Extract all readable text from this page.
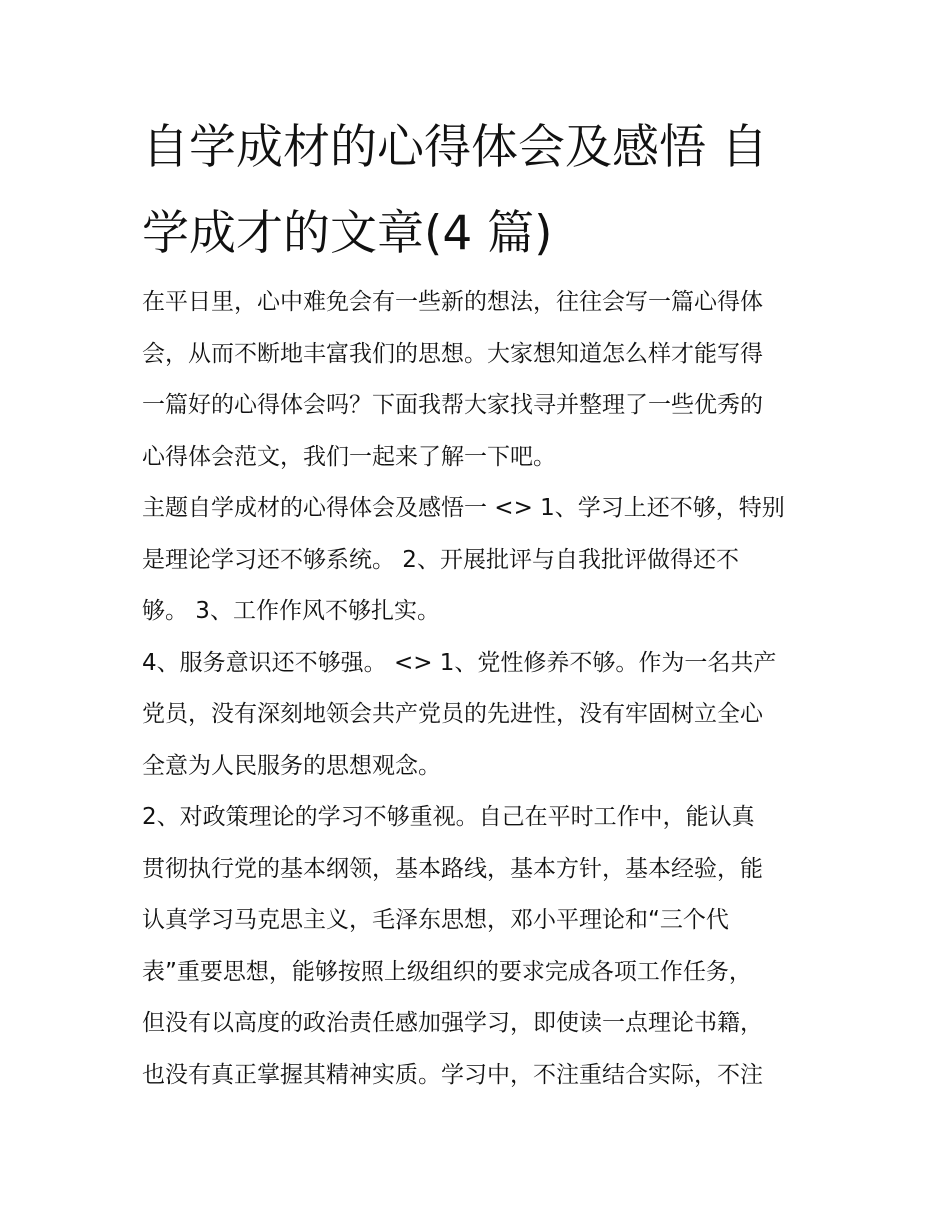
自学成材的心得体会及感悟 自
学成才的文章(4 篇)
在平日里，心中难免会有一些新的想法，往往会写一篇心得体
会，从而不断地丰富我们的思想。大家想知道怎么样才能写得
一篇好的心得体会吗？下面我帮大家找寻并整理了一些优秀的
心得体会范文，我们一起来了解一下吧。
主题自学成材的心得体会及感悟一 <> 1、学习上还不够，特别
是理论学习还不够系统。 2、开展批评与自我批评做得还不
够。 3、工作作风不够扎实。
4、服务意识还不够强。 <> 1、党性修养不够。作为一名共产
党员，没有深刻地领会共产党员的先进性，没有牢固树立全心
全意为人民服务的思想观念。
2、对政策理论的学习不够重视。自己在平时工作中，能认真
贯彻执行党的基本纲领，基本路线，基本方针，基本经验，能
认真学习马克思主义，毛泽东思想，邓小平理论和“三个代
表”重要思想，能够按照上级组织的要求完成各项工作任务，
但没有以高度的政治责任感加强学习，即使读一点理论书籍，
也没有真正掌握其精神实质。学习中，不注重结合实际，不注
